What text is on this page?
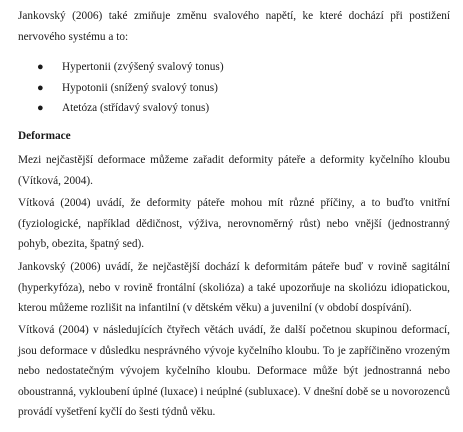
Jankovský (2006) také zmiňuje změnu svalového napětí, ke které dochází při postižení nervového systému a to:

● Hypertonii (zvýšený svalový tonus)
● Hypotonii (snížený svalový tonus)
● Atetóza (střídavý svalový tonus)
Deformace

Mezi nejčastější deformace můžeme zařadit deformity páteře a deformity kyčelního kloubu (Vítková, 2004).

Vítková (2004) uvádí, že deformity páteře mohou mít různé příčiny, a to buďto vnitřní (fyziologické, například dědičnost, výživa, nerovnoměrný růst) nebo vnější (jednostranný pohyb, obezita, špatný sed).

Jankovský (2006) uvádí, že nejčastější dochází k deformitám páteře buď v rovině sagitální (hyperkyfóza), nebo v rovině frontální (skolióza) a také upozorňuje na skoliózu idiopatickou, kterou můžeme rozlišit na infantilní (v dětském věku) a juvenilní (v období dospívání).

Vítková (2004) v následujících čtyřech větách uvádí, že další početnou skupinou deformací, jsou deformace v důsledku nesprávného vývoje kyčelního kloubu. To je zapříčiněno vrozeným nebo nedostatečným vývojem kyčelního kloubu. Deformace může být jednostranná nebo oboustranná, vykloubení úplné (luxace) i neúplné (subluxace). V dnešní době se u novorozenců provádí vyšetření kyčlí do šesti týdnů věku.
